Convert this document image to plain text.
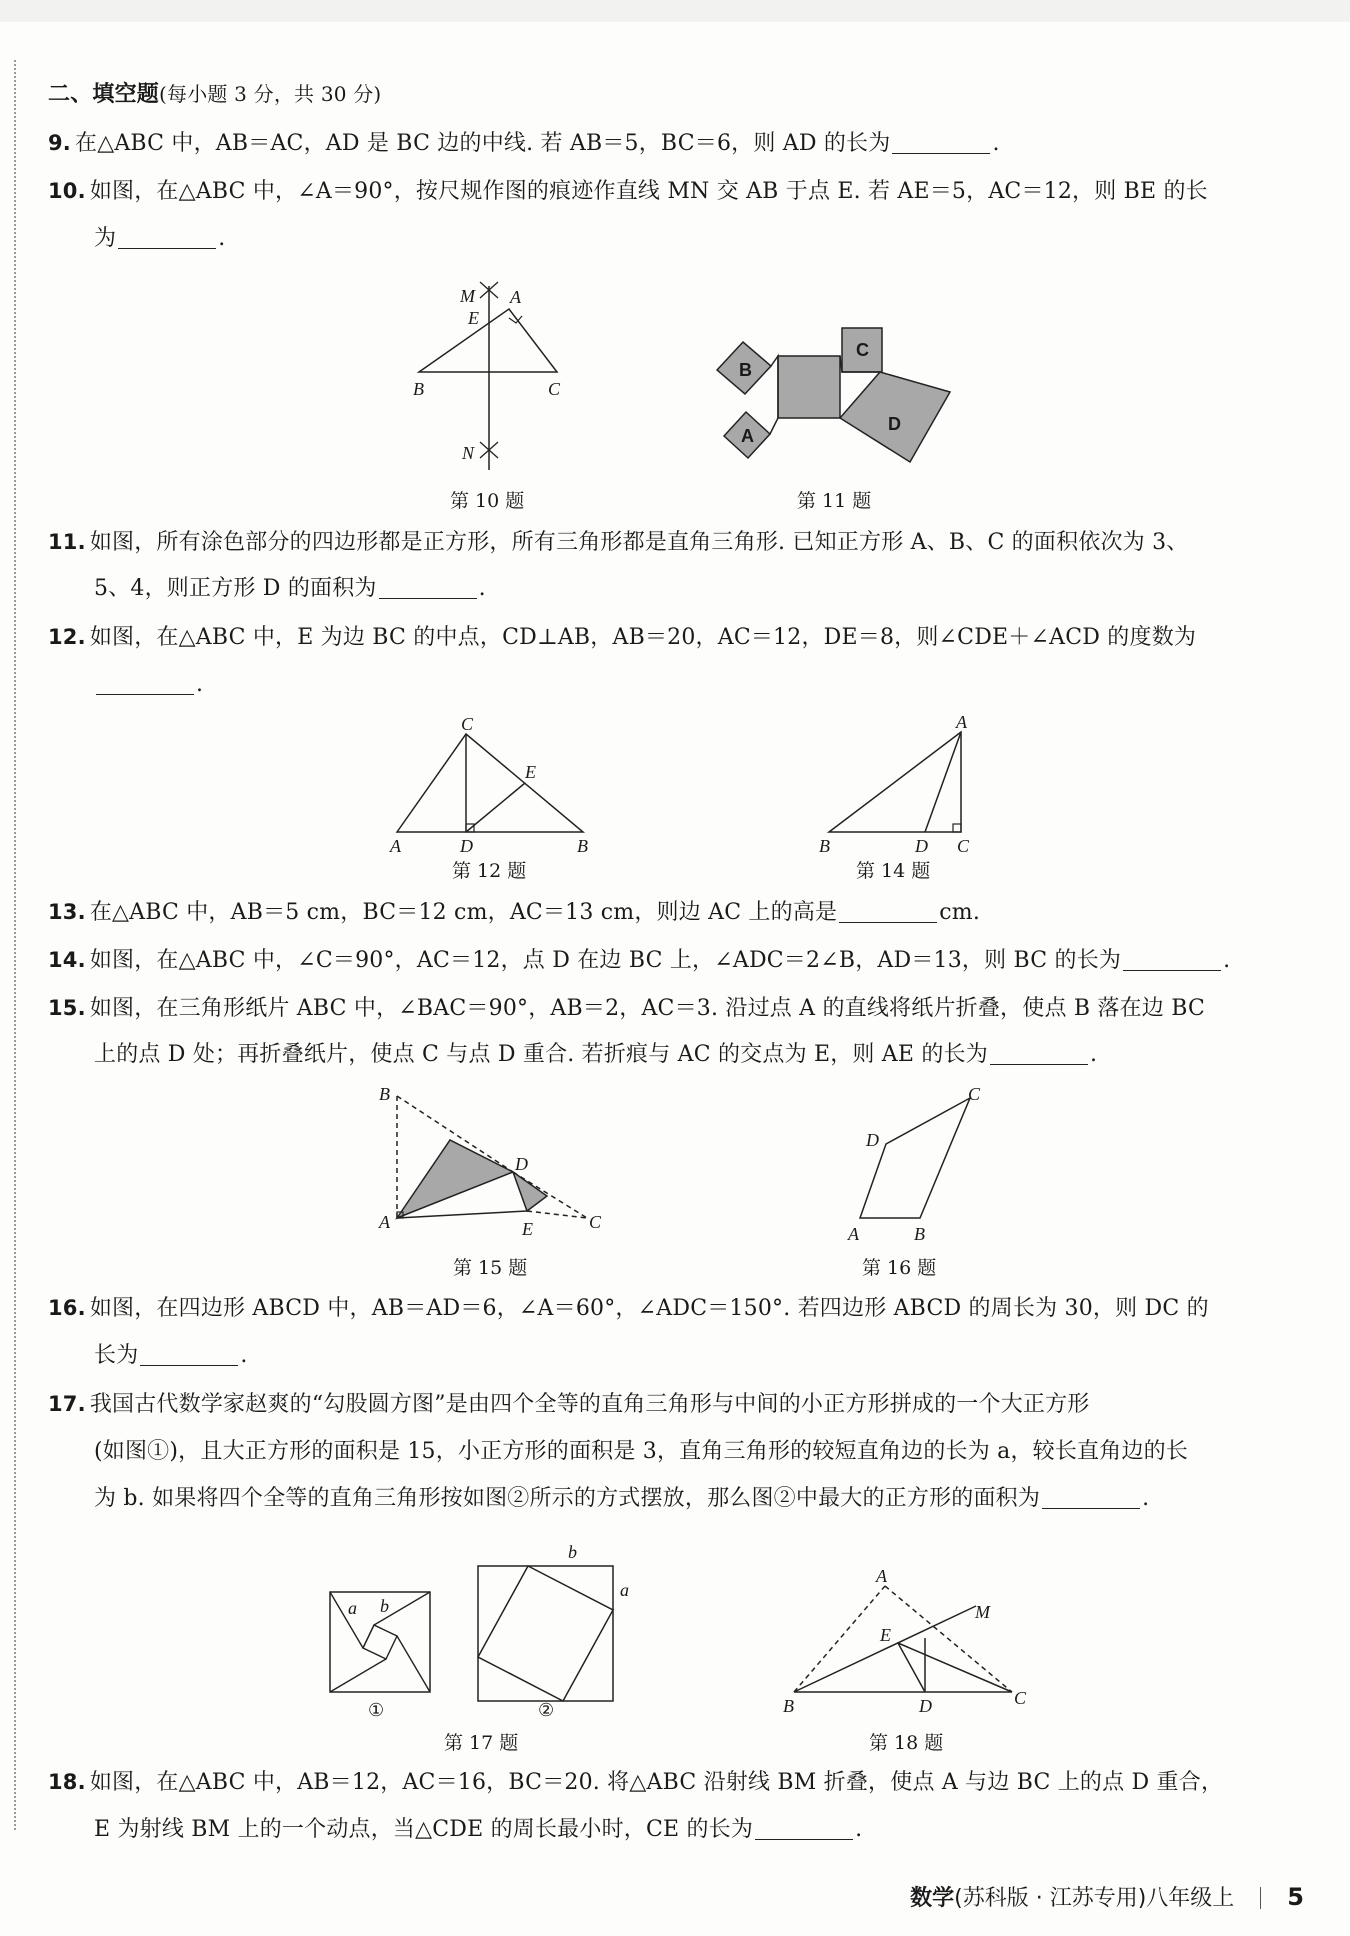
二、填空题(每小题 3 分，共 30 分)
9. 在△ABC 中，AB＝AC，AD 是 BC 边的中线. 若 AB＝5，BC＝6，则 AD 的长为	.
10. 如图，在△ABC 中，∠A＝90°，按尺规作图的痕迹作直线 MN 交 AB 于点 E. 若 AE＝5，AC＝12，则 BE 的长
为	.
M A
E
B	C
N
第 10 题
B
A
C
D
第 11 题
11. 如图，所有涂色部分的四边形都是正方形，所有三角形都是直角三角形. 已知正方形 A、B、C 的面积依次为 3、
5、4，则正方形 D 的面积为	.
12. 如图，在△ABC 中，E 为边 BC 的中点，CD⊥AB，AB＝20，AC＝12，DE＝8，则∠CDE＋∠ACD 的度数为
.
C
E
A	D	B
第 12 题
A
B	D C
第 14 题
13. 在△ABC 中，AB＝5 cm，BC＝12 cm，AC＝13 cm，则边 AC 上的高是	cm.
14. 如图，在△ABC 中，∠C＝90°，AC＝12，点 D 在边 BC 上，∠ADC＝2∠B，AD＝13，则 BC 的长为	.
15. 如图，在三角形纸片 ABC 中，∠BAC＝90°，AB＝2，AC＝3. 沿过点 A 的直线将纸片折叠，使点 B 落在边 BC
上的点 D 处；再折叠纸片，使点 C 与点 D 重合. 若折痕与 AC 的交点为 E，则 AE 的长为	.
B
D
A	E	C
第 15 题
C
D
A	B
第 16 题
16. 如图，在四边形 ABCD 中，AB＝AD＝6，∠A＝60°，∠ADC＝150°. 若四边形 ABCD 的周长为 30，则 DC 的
长为	.
17. 我国古代数学家赵爽的“勾股圆方图”是由四个全等的直角三角形与中间的小正方形拼成的一个大正方形
(如图①)，且大正方形的面积是 15，小正方形的面积是 3，直角三角形的较短直角边的长为 a，较长直角边的长
为 b. 如果将四个全等的直角三角形按如图②所示的方式摆放，那么图②中最大的正方形的面积为	.
a b
①
b
a
②
第 17 题
A
M
E
B	D	C
第 18 题
18. 如图，在△ABC 中，AB＝12，AC＝16，BC＝20. 将△ABC 沿射线 BM 折叠，使点 A 与边 BC 上的点 D 重合，
E 为射线 BM 上的一个动点，当△CDE 的周长最小时，CE 的长为	.
数学(苏科版 · 江苏专用)八年级上 5
